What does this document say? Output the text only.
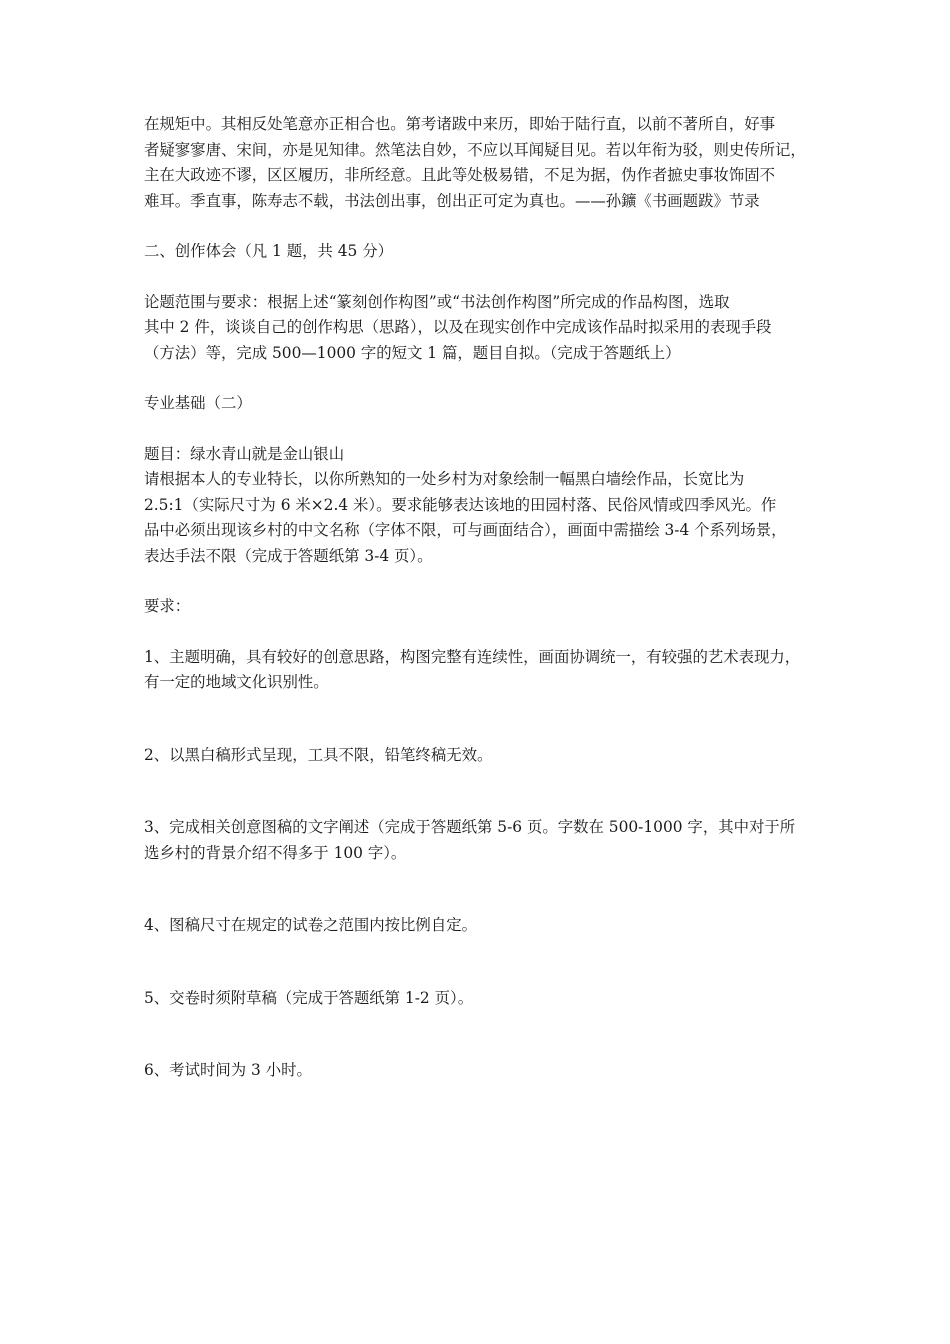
在规矩中。其相反处笔意亦正相合也。第考诸跋中来历，即始于陆行直，以前不著所自，好事
者疑寥寥唐、宋间，亦是见知律。然笔法自妙，不应以耳闻疑目见。若以年衔为驳，则史传所记，
主在大政迹不谬，区区履历，非所经意。且此等处极易错，不足为据，伪作者摭史事妆饰固不
难耳。季直事，陈寿志不载，书法创出事，创出正可定为真也。——孙鑛《书画题跋》节录
二、创作体会（凡 1 题，共 45 分）
论题范围与要求：根据上述“篆刻创作构图”或“书法创作构图”所完成的作品构图，选取
其中 2 件，谈谈自己的创作构思（思路），以及在现实创作中完成该作品时拟采用的表现手段
（方法）等，完成 500—1000 字的短文 1 篇，题目自拟。（完成于答题纸上）
专业基础（二）
题目：绿水青山就是金山银山
请根据本人的专业特长，以你所熟知的一处乡村为对象绘制一幅黑白墙绘作品，长宽比为
2.5:1（实际尺寸为 6 米×2.4 米）。要求能够表达该地的田园村落、民俗风情或四季风光。作
品中必须出现该乡村的中文名称（字体不限，可与画面结合），画面中需描绘 3-4 个系列场景，
表达手法不限（完成于答题纸第 3-4 页）。
要求：
1、主题明确，具有较好的创意思路，构图完整有连续性，画面协调统一，有较强的艺术表现力，
有一定的地域文化识别性。
2、以黑白稿形式呈现，工具不限，铅笔终稿无效。
3、完成相关创意图稿的文字阐述（完成于答题纸第 5-6 页。字数在 500-1000 字，其中对于所
选乡村的背景介绍不得多于 100 字）。
4、图稿尺寸在规定的试卷之范围内按比例自定。
5、交卷时须附草稿（完成于答题纸第 1-2 页）。
6、考试时间为 3 小时。
